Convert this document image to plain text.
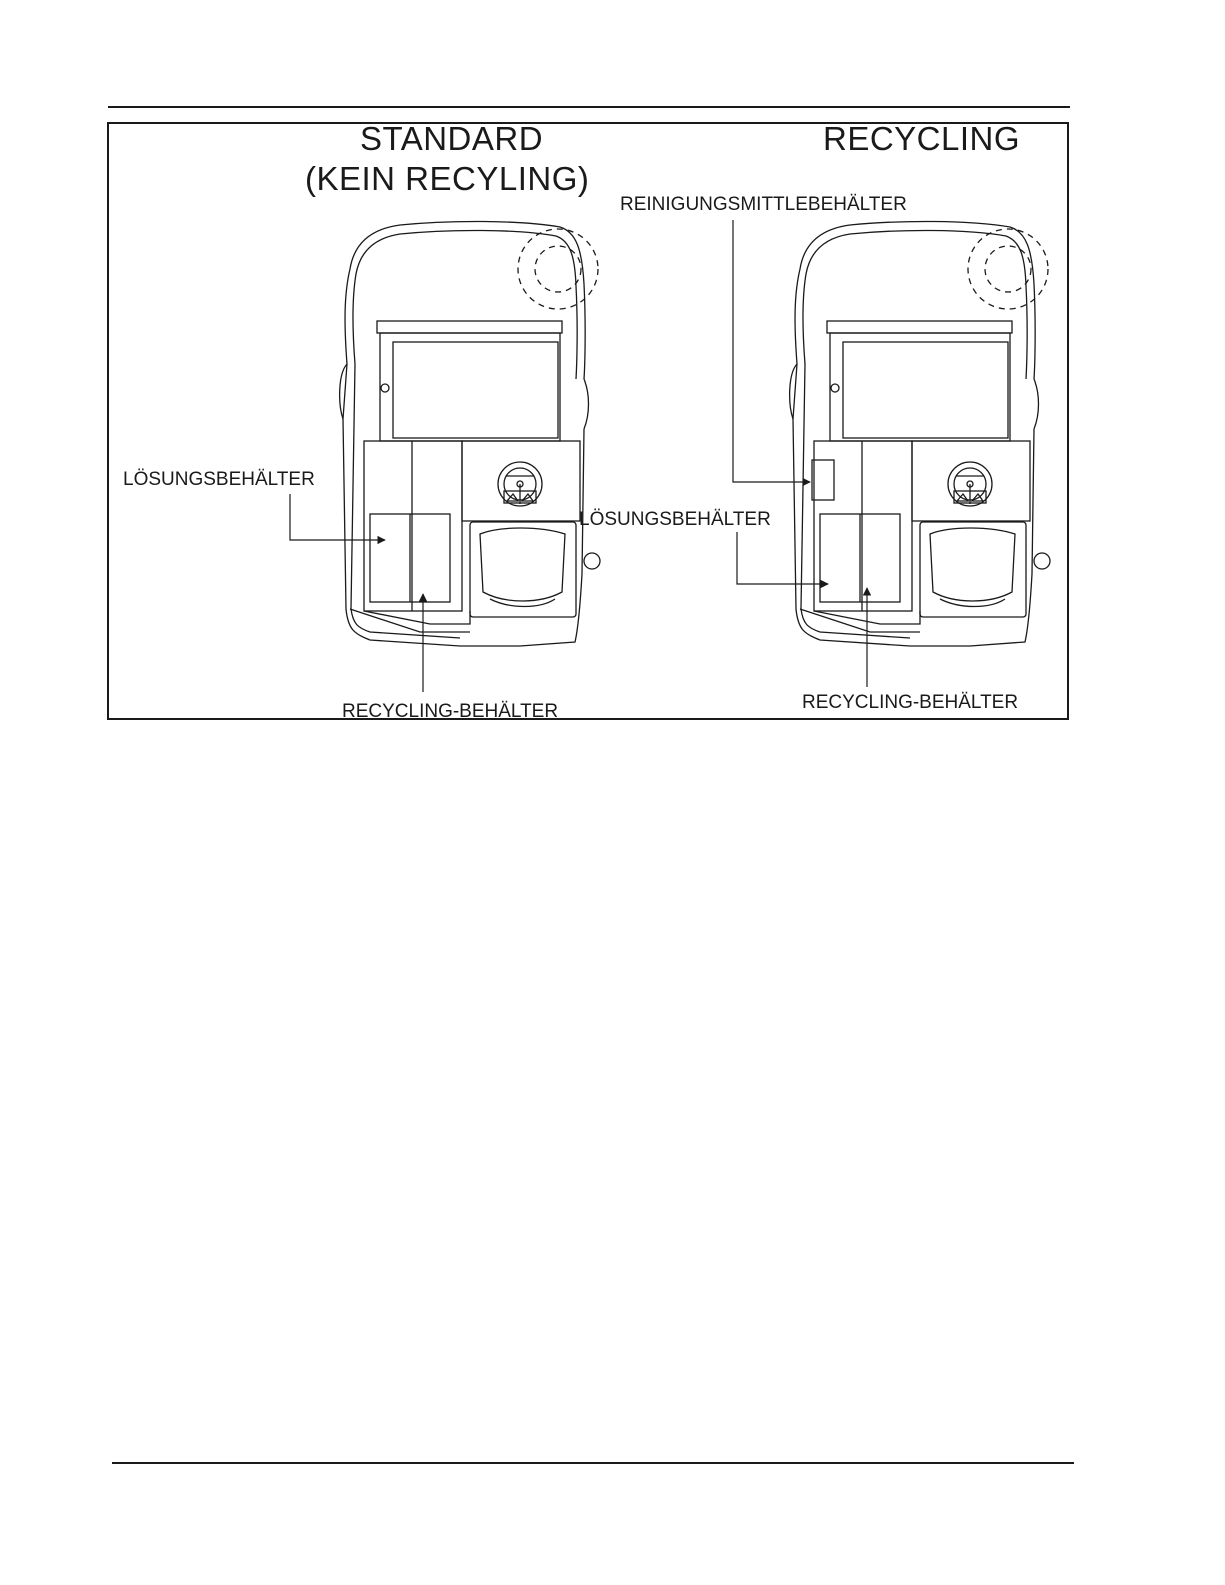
STANDARD
(KEIN RECYLING)
RECYCLING
REINIGUNGSMITTLEBEHÄLTER
LÖSUNGSBEHÄLTER
LÖSUNGSBEHÄLTER
RECYCLING-BEHÄLTER	RECYCLING-BEHÄLTER
